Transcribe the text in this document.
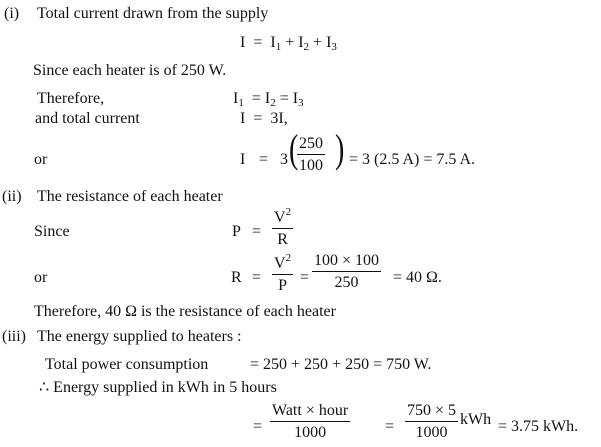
(i) Total current drawn from the supply
$I = I_1 + I_2 + I_3$
Since each heater is of 250 W.
Therefore,	$I_1 = I_2 = I_3$
and total current	I = 3I,
or	I = 3 (
$\frac{250}{100}$ ) = 3 (2.5 A) = 7.5 A.
(ii) The resistance of each heater
Since	$P = \frac{V^2}{R}$
or	$R = \frac{V^2}{P} = \frac{100 \times 100}{250} = 40$ Ω.
Therefore, 40 Ω is the resistance of each heater
(iii) The energy supplied to heaters :
Total power consumption	= 250 + 250 + 250 = 750 W.
∴ Energy supplied in kWh in 5 hours
=
Watt × hour
1000	= $\frac{750 \times 5}{1000}$ kWh = 3.75 kWh.
